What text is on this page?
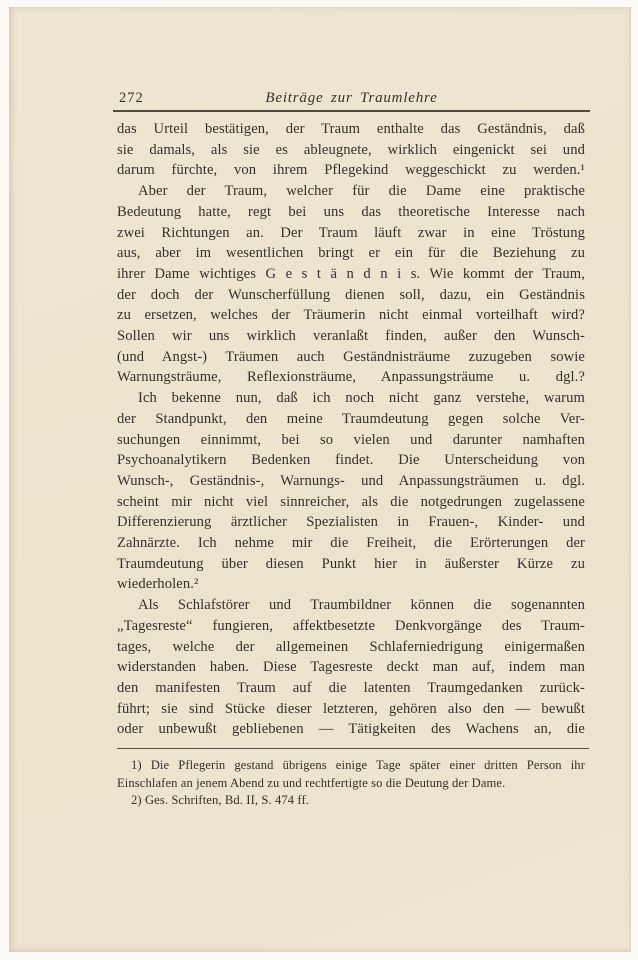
272	Beiträge zur Traumlehre
das Urteil bestätigen, der Traum enthalte das Geständnis, daß
sie damals, als sie es ableugnete, wirklich eingenickt sei und
darum fürchte, von ihrem Pflegekind weggeschickt zu werden.¹
Aber der Traum, welcher für die Dame eine praktische
Bedeutung hatte, regt bei uns das theoretische Interesse nach
zwei Richtungen an. Der Traum läuft zwar in eine Tröstung
aus, aber im wesentlichen bringt er ein für die Beziehung zu
ihrer Dame wichtiges G e s t ä n d n i s. Wie kommt der Traum,
der doch der Wunscherfüllung dienen soll, dazu, ein Geständnis
zu ersetzen, welches der Träumerin nicht einmal vorteilhaft wird?
Sollen wir uns wirklich veranlaßt finden, außer den Wunsch-
(und Angst-) Träumen auch Geständnisträume zuzugeben sowie
Warnungsträume, Reflexionsträume, Anpassungsträume u. dgl.?
Ich bekenne nun, daß ich noch nicht ganz verstehe, warum
der Standpunkt, den meine Traumdeutung gegen solche Ver-
suchungen einnimmt, bei so vielen und darunter namhaften
Psychoanalytikern Bedenken findet. Die Unterscheidung von
Wunsch-, Geständnis-, Warnungs- und Anpassungsträumen u. dgl.
scheint mir nicht viel sinnreicher, als die notgedrungen zugelassene
Differenzierung ärztlicher Spezialisten in Frauen-, Kinder- und
Zahnärzte. Ich nehme mir die Freiheit, die Erörterungen der
Traumdeutung über diesen Punkt hier in äußerster Kürze zu
wiederholen.²
Als Schlafstörer und Traumbildner können die sogenannten
„Tagesreste“ fungieren, affektbesetzte Denkvorgänge des Traum-
tages, welche der allgemeinen Schlaferniedrigung einigermaßen
widerstanden haben. Diese Tagesreste deckt man auf, indem man
den manifesten Traum auf die latenten Traumgedanken zurück-
führt; sie sind Stücke dieser letzteren, gehören also den — bewußt
oder unbewußt gebliebenen — Tätigkeiten des Wachens an, die
1) Die Pflegerin gestand übrigens einige Tage später einer dritten Person ihr
Einschlafen an jenem Abend zu und rechtfertigte so die Deutung der Dame.
2) Ges. Schriften, Bd. II, S. 474 ff.
